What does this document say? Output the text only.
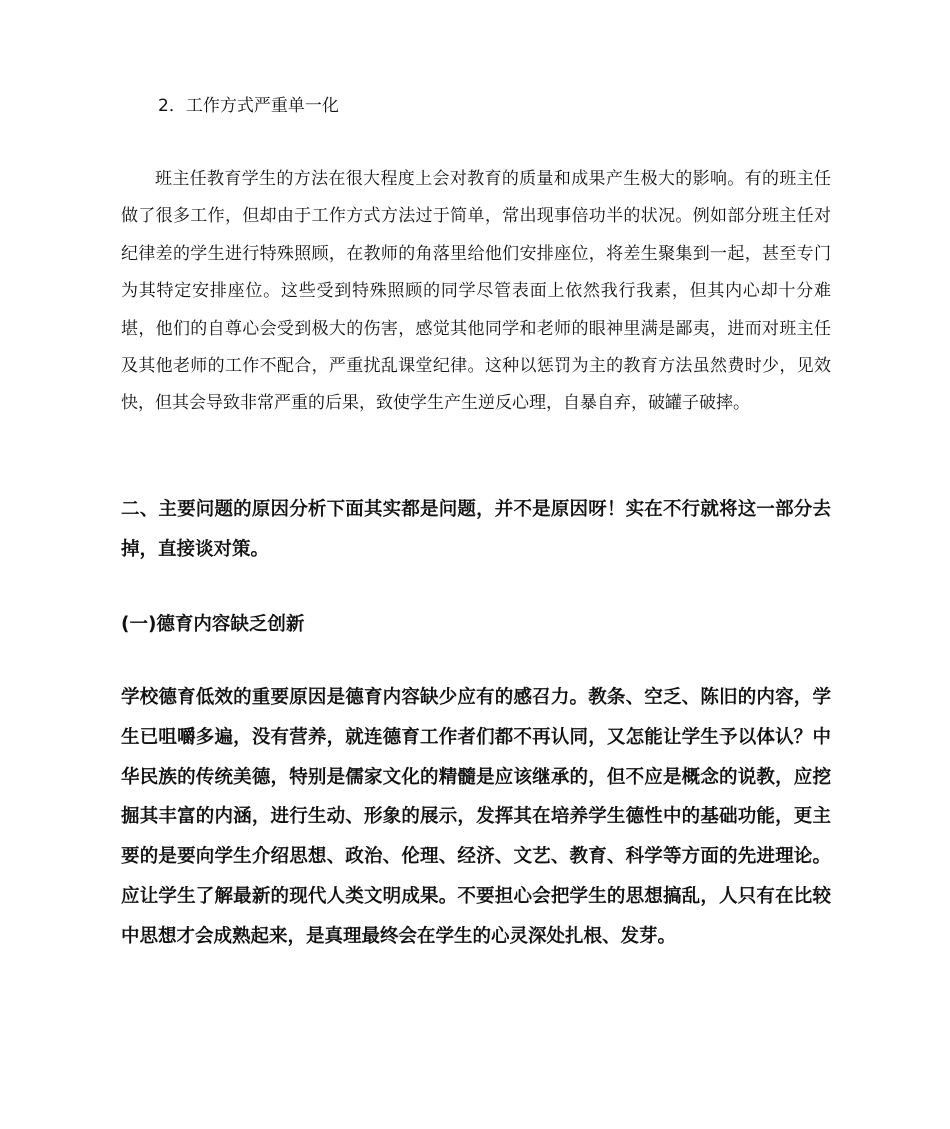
2．工作方式严重单一化

班主任教育学生的方法在很大程度上会对教育的质量和成果产生极大的影响。有的班主任做了很多工作，但却由于工作方式方法过于简单，常出现事倍功半的状况。例如部分班主任对纪律差的学生进行特殊照顾，在教师的角落里给他们安排座位，将差生聚集到一起，甚至专门为其特定安排座位。这些受到特殊照顾的同学尽管表面上依然我行我素，但其内心却十分难堪，他们的自尊心会受到极大的伤害，感觉其他同学和老师的眼神里满是鄙夷，进而对班主任及其他老师的工作不配合，严重扰乱课堂纪律。这种以惩罚为主的教育方法虽然费时少，见效快，但其会导致非常严重的后果，致使学生产生逆反心理，自暴自弃，破罐子破摔。

二、主要问题的原因分析下面其实都是问题，并不是原因呀！实在不行就将这一部分去掉，直接谈对策。

(一)德育内容缺乏创新

学校德育低效的重要原因是德育内容缺少应有的感召力。教条、空乏、陈旧的内容，学生已咀嚼多遍，没有营养，就连德育工作者们都不再认同，又怎能让学生予以体认？中华民族的传统美德，特别是儒家文化的精髓是应该继承的，但不应是概念的说教，应挖掘其丰富的内涵，进行生动、形象的展示，发挥其在培养学生德性中的基础功能，更主要的是要向学生介绍思想、政治、伦理、经济、文艺、教育、科学等方面的先进理论。应让学生了解最新的现代人类文明成果。不要担心会把学生的思想搞乱，人只有在比较中思想才会成熟起来，是真理最终会在学生的心灵深处扎根、发芽。
